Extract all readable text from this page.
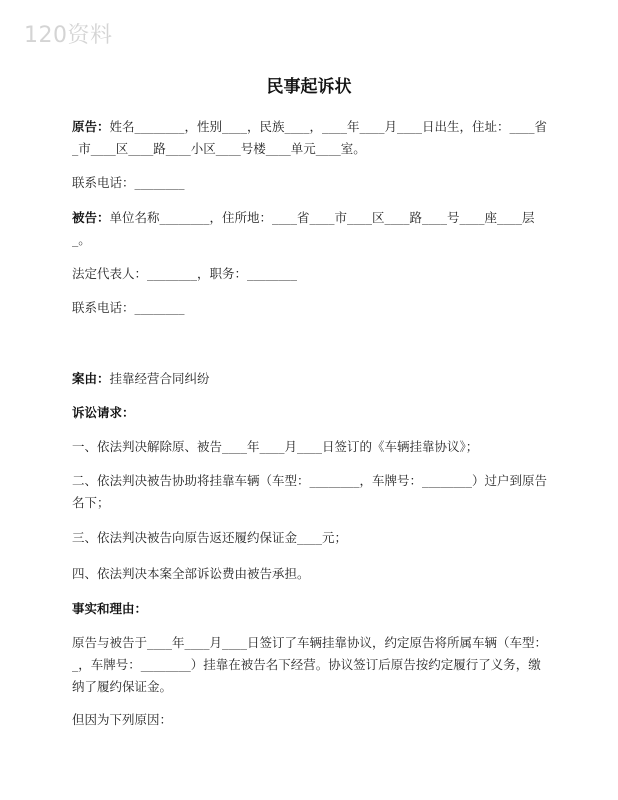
120资料
民事起诉状

原告：姓名________，性别____，民族____，____年____月____日出生，住址：____省_市____区____路____小区____号楼____单元____室。

联系电话：________

被告：单位名称________，住所地：____省____市____区____路____号____座____层_。

法定代表人：________，职务：________

联系电话：________

案由：挂靠经营合同纠纷

诉讼请求：

一、依法判决解除原、被告____年____月____日签订的《车辆挂靠协议》；

二、依法判决被告协助将挂靠车辆（车型：________，车牌号：________）过户到原告名下；

三、依法判决被告向原告返还履约保证金____元；

四、依法判决本案全部诉讼费由被告承担。

事实和理由：

原告与被告于____年____月____日签订了车辆挂靠协议，约定原告将所属车辆（车型：_，车牌号：________）挂靠在被告名下经营。协议签订后原告按约定履行了义务，缴纳了履约保证金。

但因为下列原因：
